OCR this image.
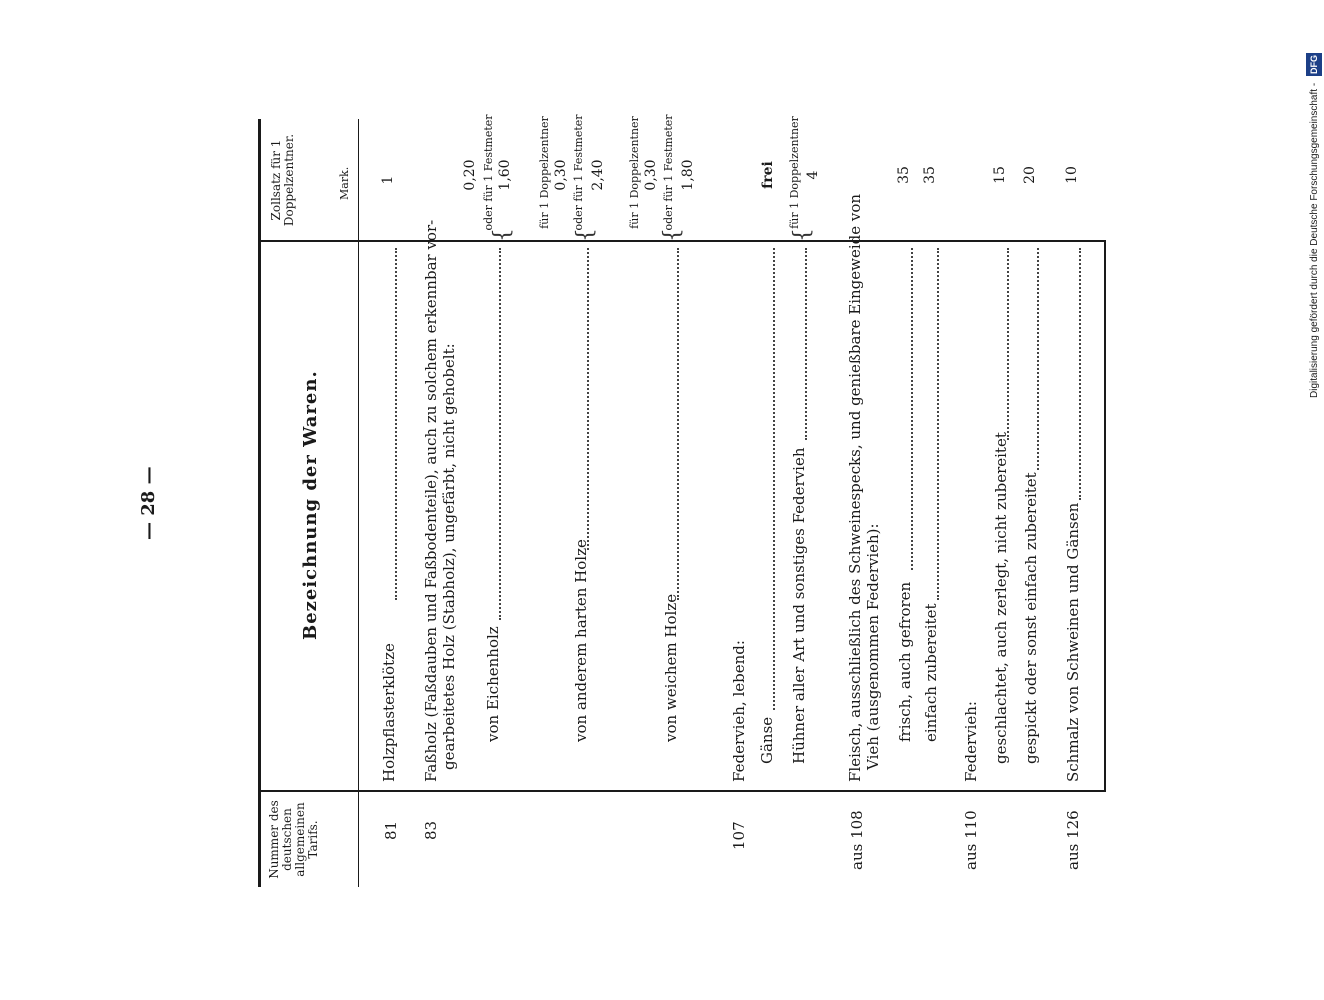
— 28 —
Nummer des deutschen allgemeinen Tarifs.
Bezeichnung der Waren.
Zollsatz für 1 Doppelzentner.	Mark.
81
Holzpflasterklötze
1
83
Faßholz (Faßdauben und Faßbodenteile), auch zu solchem erkennbar vor- gearbeitetes Holz (Stabholz), ungefärbt, nicht gehobelt: von Eichenholz
{
0,20 oder für 1 Festmeter 1,60
von anderem harten Holze
{
für 1 Doppelzentner 0,30 oder für 1 Festmeter 2,40
von weichem Holze
{
für 1 Doppelzentner 0,30 oder für 1 Festmeter 1,80
107
Federvieh, lebend: Gänse
frei
Hühner aller Art und sonstiges Federvieh
{
für 1 Doppelzentner 4
aus 108
Fleisch, ausschließlich des Schweinespecks, und genießbare Eingeweide von Vieh (ausgenommen Federvieh): frisch, auch gefroren
35
einfach zubereitet
35
aus 110
Federvieh: geschlachtet, auch zerlegt, nicht zubereitet
15
gespickt oder sonst einfach zubereitet
20
aus 126
Schmalz von Schweinen und Gänsen
10	Digitalisierung gefördert durch die Deutsche Forschungsgemeinschaft - DFG
